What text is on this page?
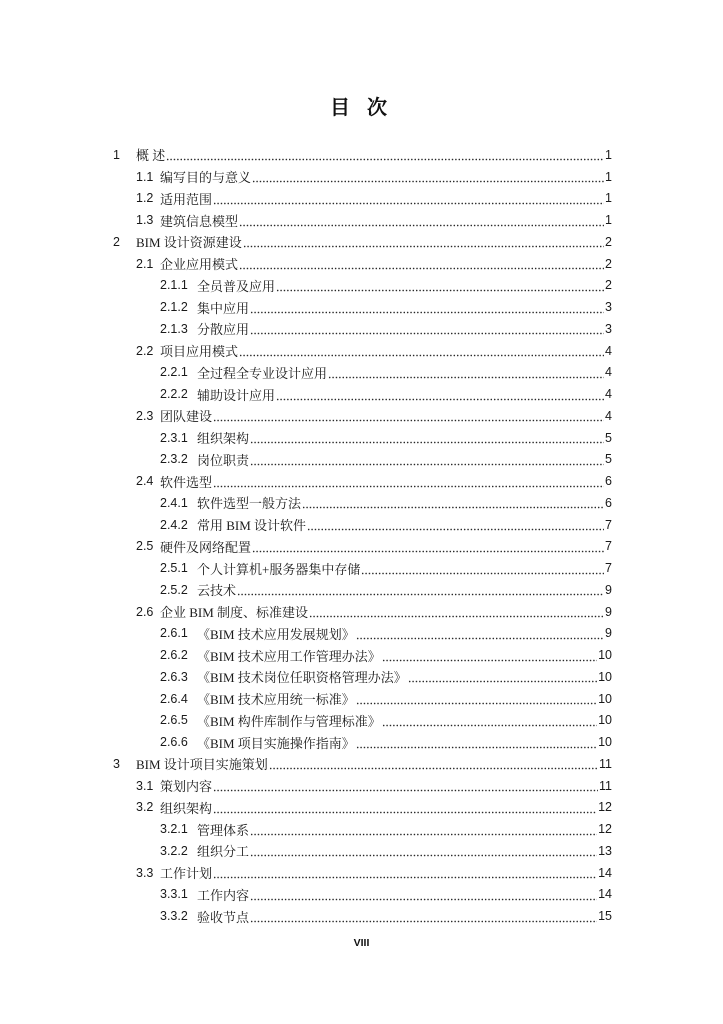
目 次
1	概 述	1
1.1 编写目的与意义	1
1.2 适用范围	1
1.3 建筑信息模型	1
2	BIM 设计资源建设	2
2.1 企业应用模式	2
2.1.1 全员普及应用	2
2.1.2 集中应用	3
2.1.3 分散应用	3
2.2 项目应用模式	4
2.2.1 全过程全专业设计应用	4
2.2.2 辅助设计应用	4
2.3 团队建设	4
2.3.1 组织架构	5
2.3.2 岗位职责	5
2.4 软件选型	6
2.4.1 软件选型一般方法	6
2.4.2 常用 BIM 设计软件	7
2.5 硬件及网络配置	7
2.5.1 个人计算机+服务器集中存储	7
2.5.2 云技术	9
2.6 企业 BIM 制度、标准建设	9
2.6.1 《BIM 技术应用发展规划》	9
2.6.2 《BIM 技术应用工作管理办法》	10
2.6.3 《BIM 技术岗位任职资格管理办法》	10
2.6.4 《BIM 技术应用统一标准》	10
2.6.5 《BIM 构件库制作与管理标准》	10
2.6.6 《BIM 项目实施操作指南》	10
3	BIM 设计项目实施策划	11
3.1 策划内容	11
3.2 组织架构	12
3.2.1 管理体系	12
3.2.2 组织分工	13
3.3 工作计划	14
3.3.1 工作内容	14
3.3.2 验收节点	15
VIII
